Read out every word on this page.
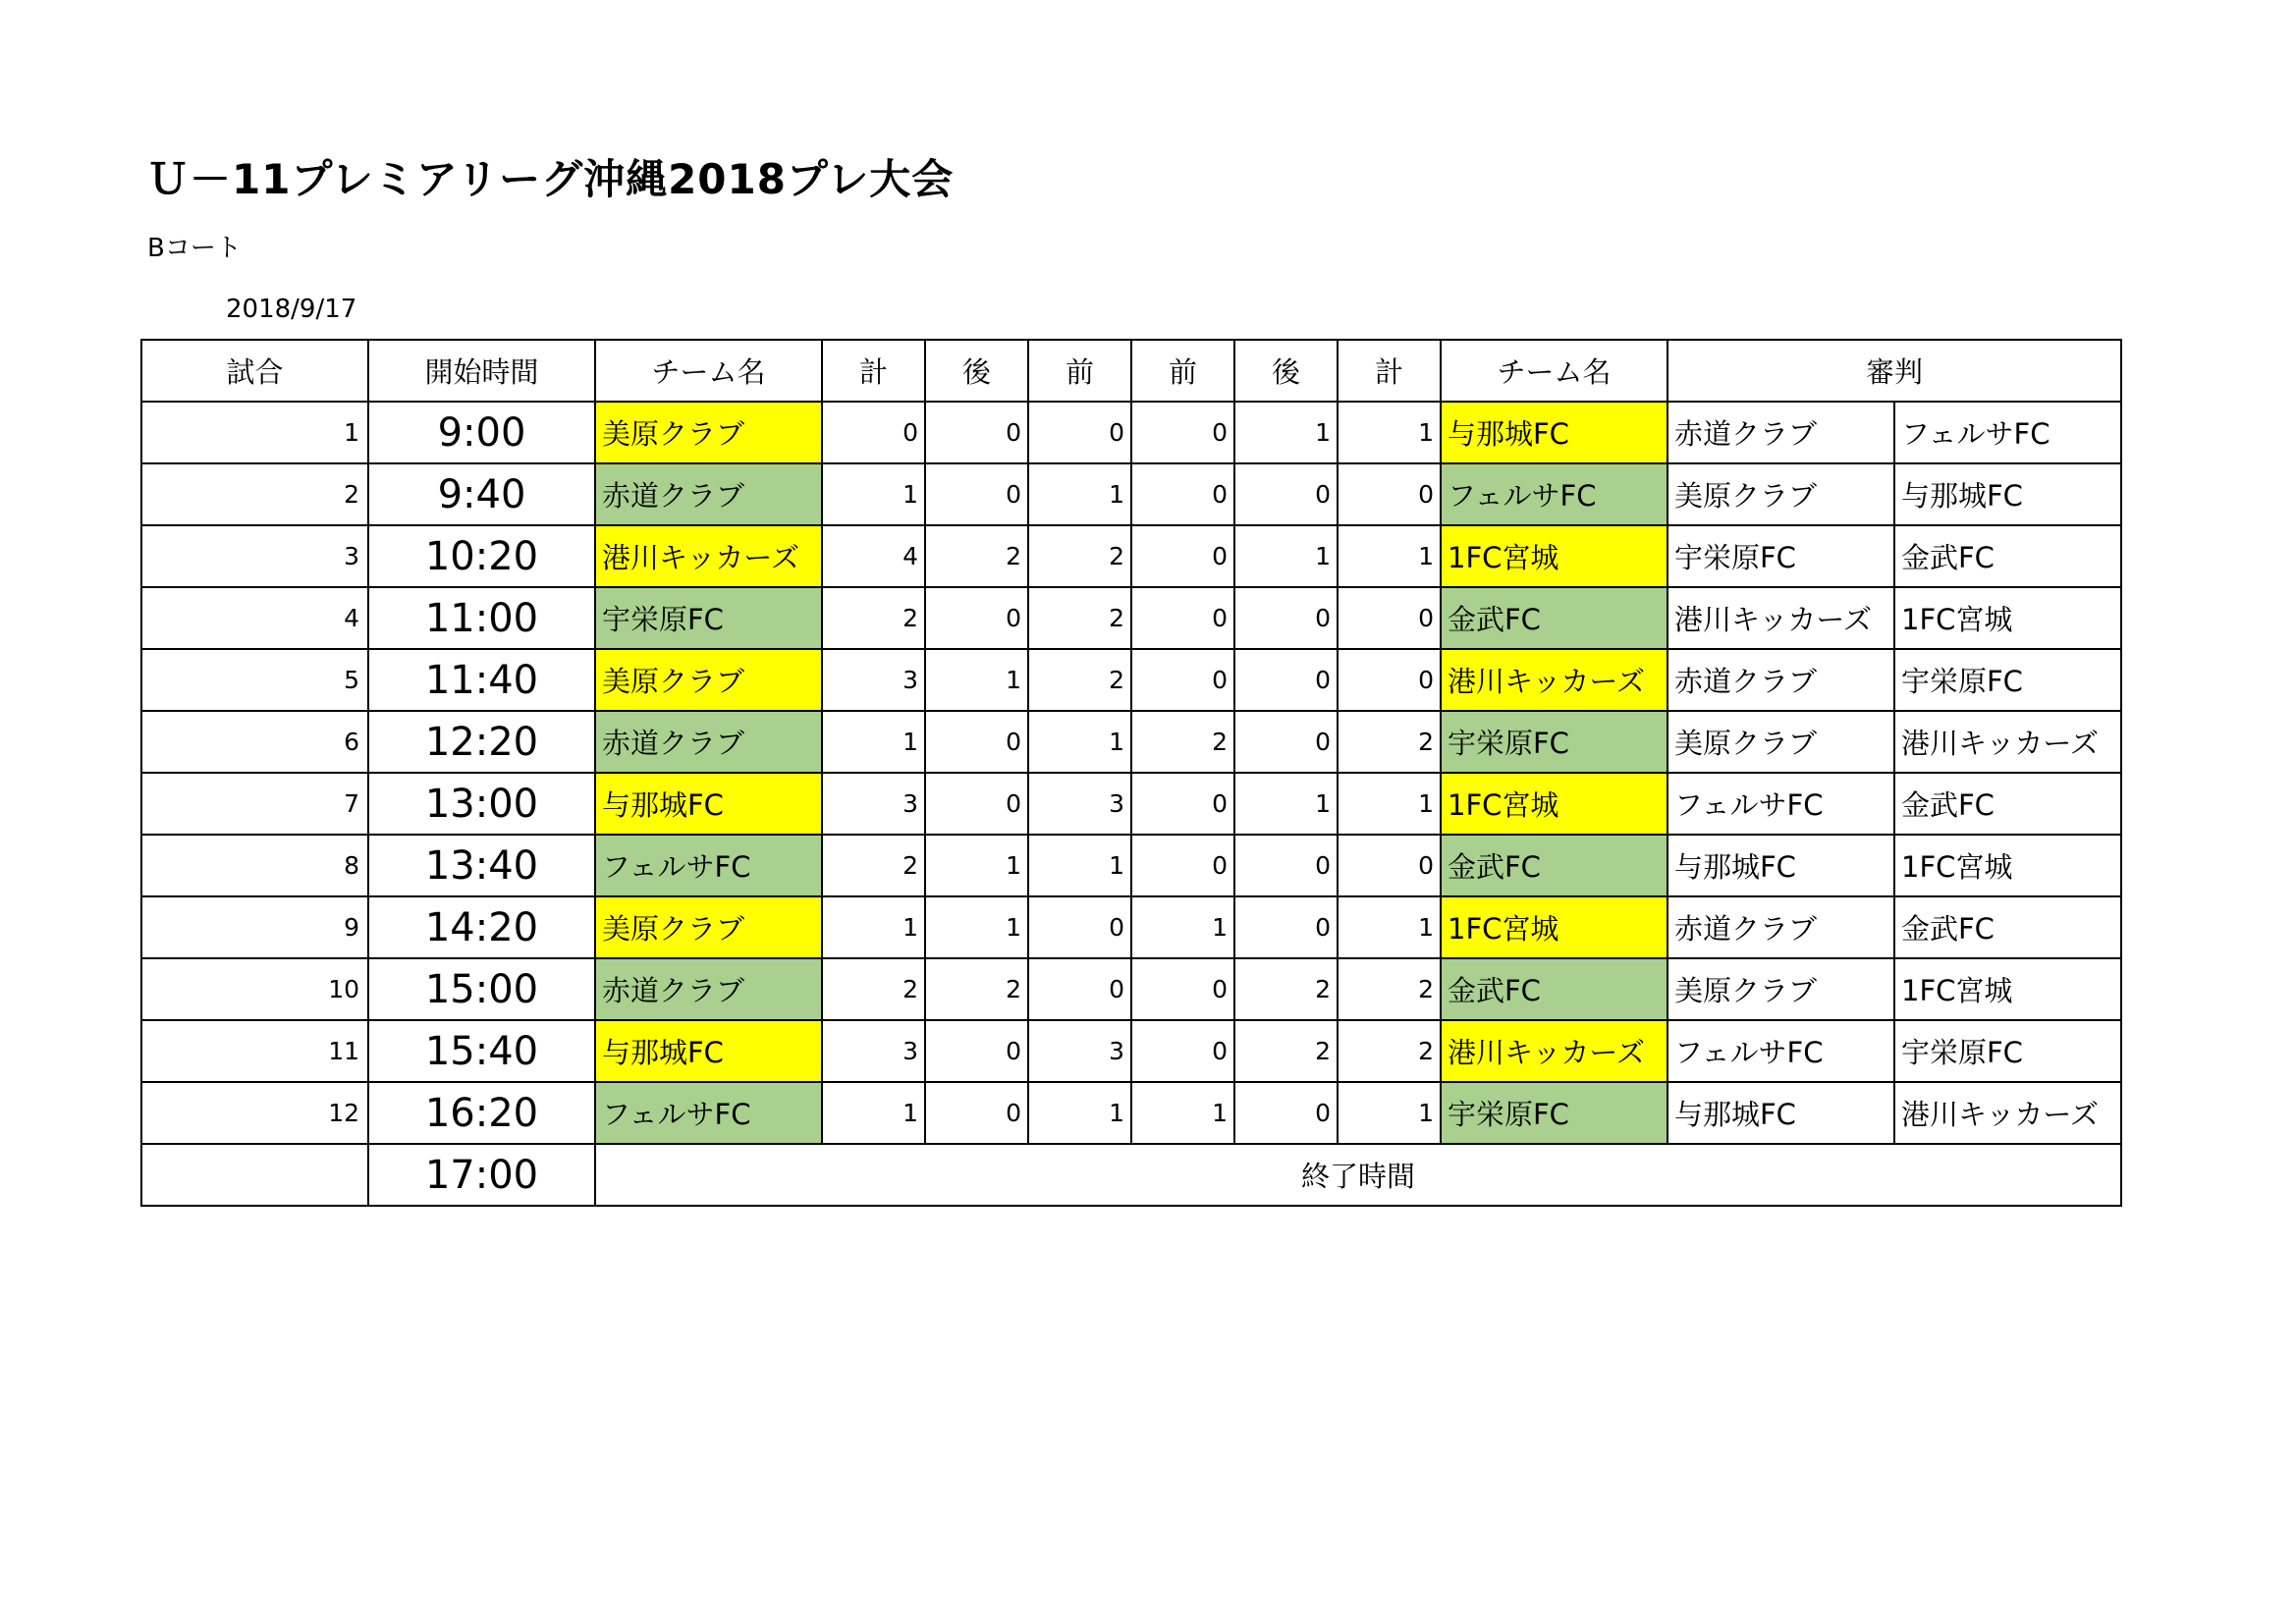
Ｕ－11プレミアリーグ沖縄2018プレ大会
Bコート
2018/9/17
試合	開始時間	チーム名	計	後	前	前	後	計	チーム名	審判	
1	9:00	美原クラブ	0	0	0	0	1	1	与那城FC	赤道クラブ	フェルサFC
2	9:40	赤道クラブ	1	0	1	0	0	0	フェルサFC	美原クラブ	与那城FC
3	10:20	港川キッカーズ	4	2	2	0	1	1	1FC宮城	宇栄原FC	金武FC
4	11:00	宇栄原FC	2	0	2	0	0	0	金武FC	港川キッカーズ	1FC宮城
5	11:40	美原クラブ	3	1	2	0	0	0	港川キッカーズ	赤道クラブ	宇栄原FC
6	12:20	赤道クラブ	1	0	1	2	0	2	宇栄原FC	美原クラブ	港川キッカーズ
7	13:00	与那城FC	3	0	3	0	1	1	1FC宮城	フェルサFC	金武FC
8	13:40	フェルサFC	2	1	1	0	0	0	金武FC	与那城FC	1FC宮城
9	14:20	美原クラブ	1	1	0	1	0	1	1FC宮城	赤道クラブ	金武FC
10	15:00	赤道クラブ	2	2	0	0	2	2	金武FC	美原クラブ	1FC宮城
11	15:40	与那城FC	3	0	3	0	2	2	港川キッカーズ	フェルサFC	宇栄原FC
12	16:20	フェルサFC	1	0	1	1	0	1	宇栄原FC	与那城FC	港川キッカーズ
	17:00	終了時間									
